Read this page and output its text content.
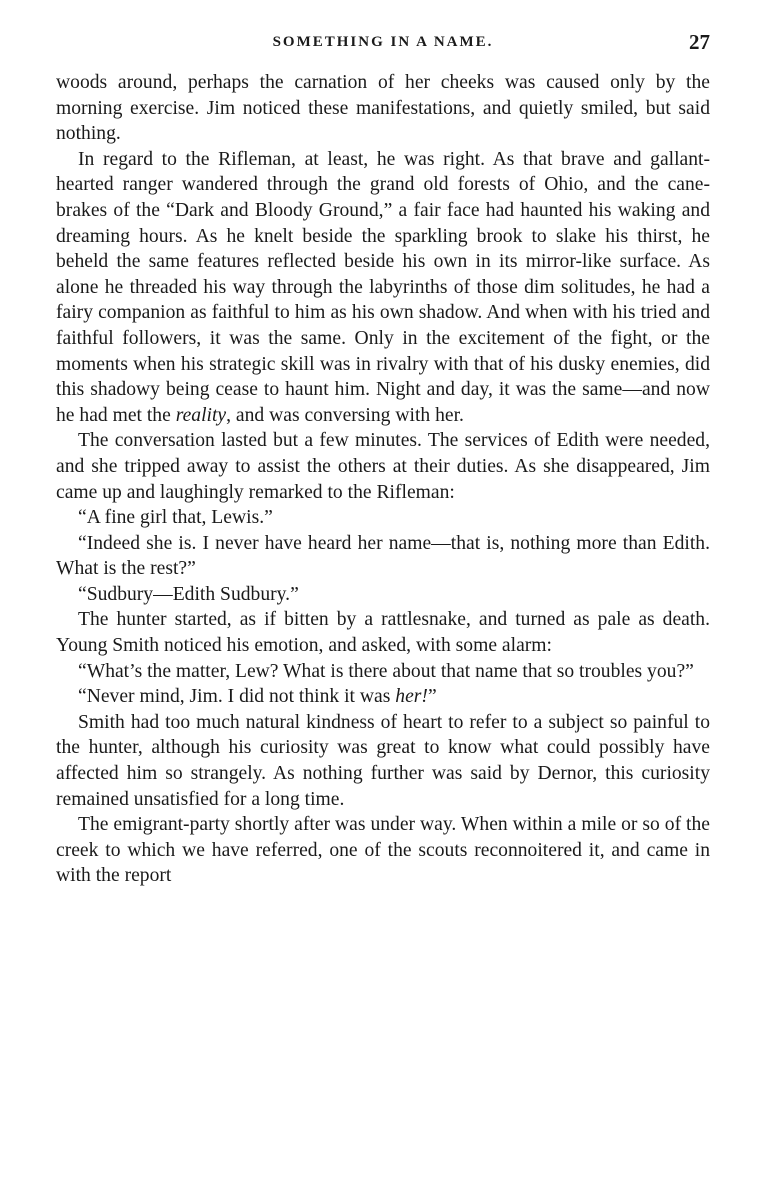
SOMETHING IN A NAME.	27

woods around, perhaps the carnation of her cheeks was caused only by the morning exercise. Jim noticed these manifestations, and quietly smiled, but said nothing.

In regard to the Rifleman, at least, he was right. As that brave and gallant-hearted ranger wandered through the grand old forests of Ohio, and the cane-brakes of the “Dark and Bloody Ground,” a fair face had haunted his waking and dreaming hours. As he knelt beside the sparkling brook to slake his thirst, he beheld the same features reflected beside his own in its mirror-like surface. As alone he threaded his way through the labyrinths of those dim solitudes, he had a fairy companion as faithful to him as his own shadow. And when with his tried and faithful followers, it was the same. Only in the excitement of the fight, or the moments when his strategic skill was in rivalry with that of his dusky enemies, did this shadowy being cease to haunt him. Night and day, it was the same—and now he had met the reality, and was conversing with her.

The conversation lasted but a few minutes. The services of Edith were needed, and she tripped away to assist the others at their duties. As she disappeared, Jim came up and laughingly remarked to the Rifleman:

“A fine girl that, Lewis.”

“Indeed she is. I never have heard her name—that is, nothing more than Edith. What is the rest?”

“Sudbury—Edith Sudbury.”

The hunter started, as if bitten by a rattlesnake, and turned as pale as death. Young Smith noticed his emotion, and asked, with some alarm:

“What’s the matter, Lew? What is there about that name that so troubles you?”

“Never mind, Jim. I did not think it was her!”

Smith had too much natural kindness of heart to refer to a subject so painful to the hunter, although his curiosity was great to know what could possibly have affected him so strangely. As nothing further was said by Dernor, this curiosity remained unsatisfied for a long time.

The emigrant-party shortly after was under way. When within a mile or so of the creek to which we have referred, one of the scouts reconnoitered it, and came in with the report
